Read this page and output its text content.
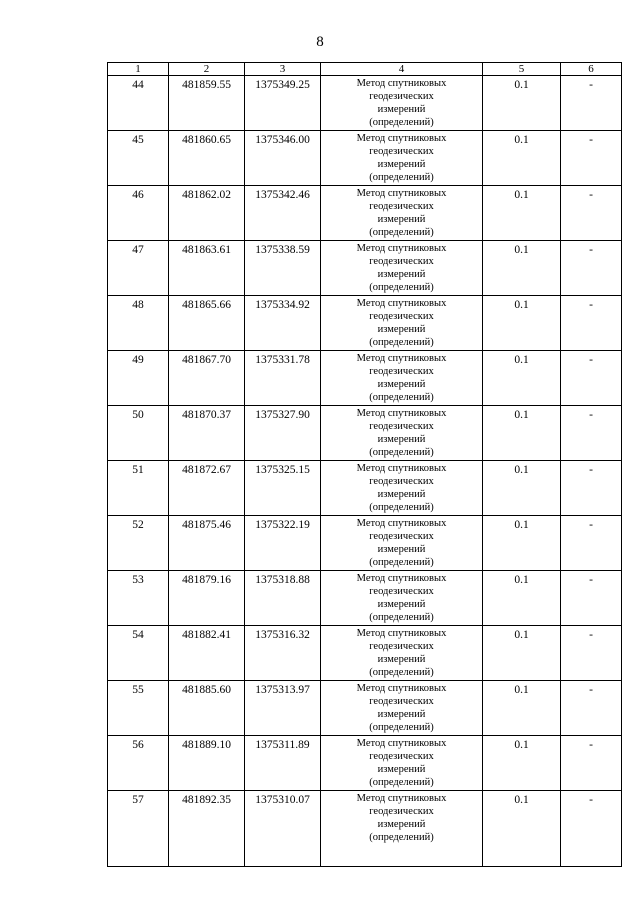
8
1	2	3	4	5	6
44	481859.55	1375349.25	Метод спутниковых
геодезических
измерений
(определений)	0.1	-
45	481860.65	1375346.00	Метод спутниковых
геодезических
измерений
(определений)	0.1	-
46	481862.02	1375342.46	Метод спутниковых
геодезических
измерений
(определений)	0.1	-
47	481863.61	1375338.59	Метод спутниковых
геодезических
измерений
(определений)	0.1	-
48	481865.66	1375334.92	Метод спутниковых
геодезических
измерений
(определений)	0.1	-
49	481867.70	1375331.78	Метод спутниковых
геодезических
измерений
(определений)	0.1	-
50	481870.37	1375327.90	Метод спутниковых
геодезических
измерений
(определений)	0.1	-
51	481872.67	1375325.15	Метод спутниковых
геодезических
измерений
(определений)	0.1	-
52	481875.46	1375322.19	Метод спутниковых
геодезических
измерений
(определений)	0.1	-
53	481879.16	1375318.88	Метод спутниковых
геодезических
измерений
(определений)	0.1	-
54	481882.41	1375316.32	Метод спутниковых
геодезических
измерений
(определений)	0.1	-
55	481885.60	1375313.97	Метод спутниковых
геодезических
измерений
(определений)	0.1	-
56	481889.10	1375311.89	Метод спутниковых
геодезических
измерений
(определений)	0.1	-
57	481892.35	1375310.07	Метод спутниковых
геодезических
измерений
(определений)	0.1	-
